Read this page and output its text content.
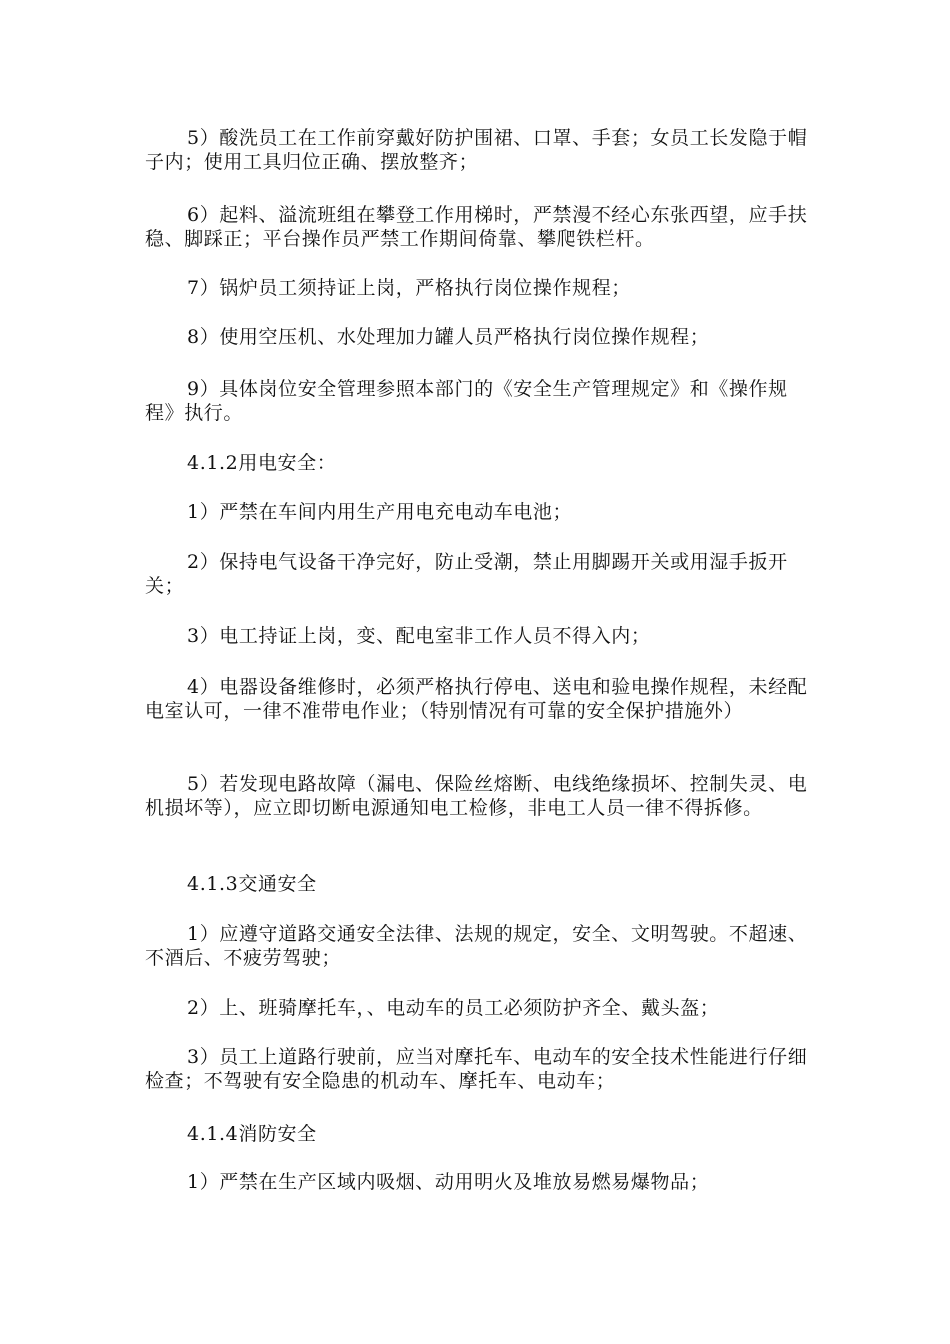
5）酸洗员工在工作前穿戴好防护围裙、口罩、手套；女员工长发隐于帽子内；使用工具归位正确、摆放整齐；

6）起料、溢流班组在攀登工作用梯时，严禁漫不经心东张西望，应手扶稳、脚踩正；平台操作员严禁工作期间倚靠、攀爬铁栏杆。

7）锅炉员工须持证上岗，严格执行岗位操作规程；

8）使用空压机、水处理加力罐人员严格执行岗位操作规程；

9）具体岗位安全管理参照本部门的《安全生产管理规定》和《操作规程》执行。

4.1.2用电安全：

1）严禁在车间内用生产用电充电动车电池；

2）保持电气设备干净完好，防止受潮，禁止用脚踢开关或用湿手扳开关；

3）电工持证上岗，变、配电室非工作人员不得入内；

4）电器设备维修时，必须严格执行停电、送电和验电操作规程，未经配电室认可，一律不准带电作业；（特别情况有可靠的安全保护措施外）

5）若发现电路故障（漏电、保险丝熔断、电线绝缘损坏、控制失灵、电机损坏等），应立即切断电源通知电工检修，非电工人员一律不得拆修。

4.1.3交通安全

1）应遵守道路交通安全法律、法规的规定，安全、文明驾驶。不超速、不酒后、不疲劳驾驶；

2）上、班骑摩托车，、电动车的员工必须防护齐全、戴头盔；

3）员工上道路行驶前，应当对摩托车、电动车的安全技术性能进行仔细检查；不驾驶有安全隐患的机动车、摩托车、电动车；

4.1.4消防安全

1）严禁在生产区域内吸烟、动用明火及堆放易燃易爆物品；
